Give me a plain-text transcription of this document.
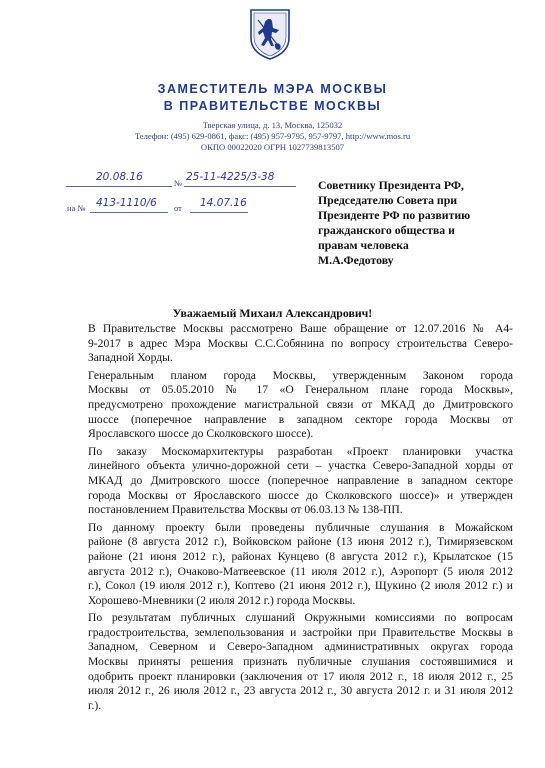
ЗАМЕСТИТЕЛЬ МЭРА МОСКВЫ
В ПРАВИТЕЛЬСТВЕ МОСКВЫ
Тверская улица, д. 13, Москва, 125032
Телефон: (495) 629-0861, факс: (495) 957-9795, 957-9797, http://www.mos.ru
ОКПО 00022020 ОГРН 1027739813507
20.08.16	№ 25-11-4225/3-38
на № 413-1110/6 от 14.07.16
Советнику Президента РФ,
Председателю Совета при
Президенте РФ по развитию
гражданского общества и
правам человека
М.А.Федотову
Уважаемый Михаил Александрович!
В Правительстве Москвы рассмотрено Ваше обращение от 12.07.2016 № А4-
9-2017 в адрес Мэра Москвы С.С.Собянина по вопросу строительства Северо-
Западной Хорды.
Генеральным планом города Москвы, утвержденным Законом города
Москвы от 05.05.2010 № 17 «О Генеральном плане города Москвы»,
предусмотрено прохождение магистральной связи от МКАД до Дмитровского
шоссе (поперечное направление в западном секторе города Москвы от
Ярославского шоссе до Сколковского шоссе).
По заказу Москомархитектуры разработан «Проект планировки участка
линейного объекта улично-дорожной сети – участка Северо-Западной хорды от
МКАД до Дмитровского шоссе (поперечное направление в западном секторе
города Москвы от Ярославского шоссе до Сколковского шоссе)» и утвержден
постановлением Правительства Москвы от 06.03.13 № 138-ПП.
По данному проекту были проведены публичные слушания в Можайском
районе (8 августа 2012 г.), Войковском районе (13 июня 2012 г.), Тимирязевском
районе (21 июня 2012 г.), районах Кунцево (8 августа 2012 г.), Крылатское (15
августа 2012 г.), Очаково-Матвеевское (11 июля 2012 г.), Аэропорт (5 июля 2012
г.), Сокол (19 июля 2012 г.), Коптево (21 июня 2012 г.), Щукино (2 июля 2012 г.) и
Хорошево-Мневники (2 июля 2012 г.) города Москвы.
По результатам публичных слушаний Окружными комиссиями по вопросам
градостроительства, землепользования и застройки при Правительстве Москвы в
Западном, Северном и Северо-Западном административных округах города
Москвы приняты решения признать публичные слушания состоявшимися и
одобрить проект планировки (заключения от 17 июля 2012 г., 18 июля 2012 г., 25
июля 2012 г., 26 июля 2012 г., 23 августа 2012 г., 30 августа 2012 г. и 31 июля 2012
г.).
